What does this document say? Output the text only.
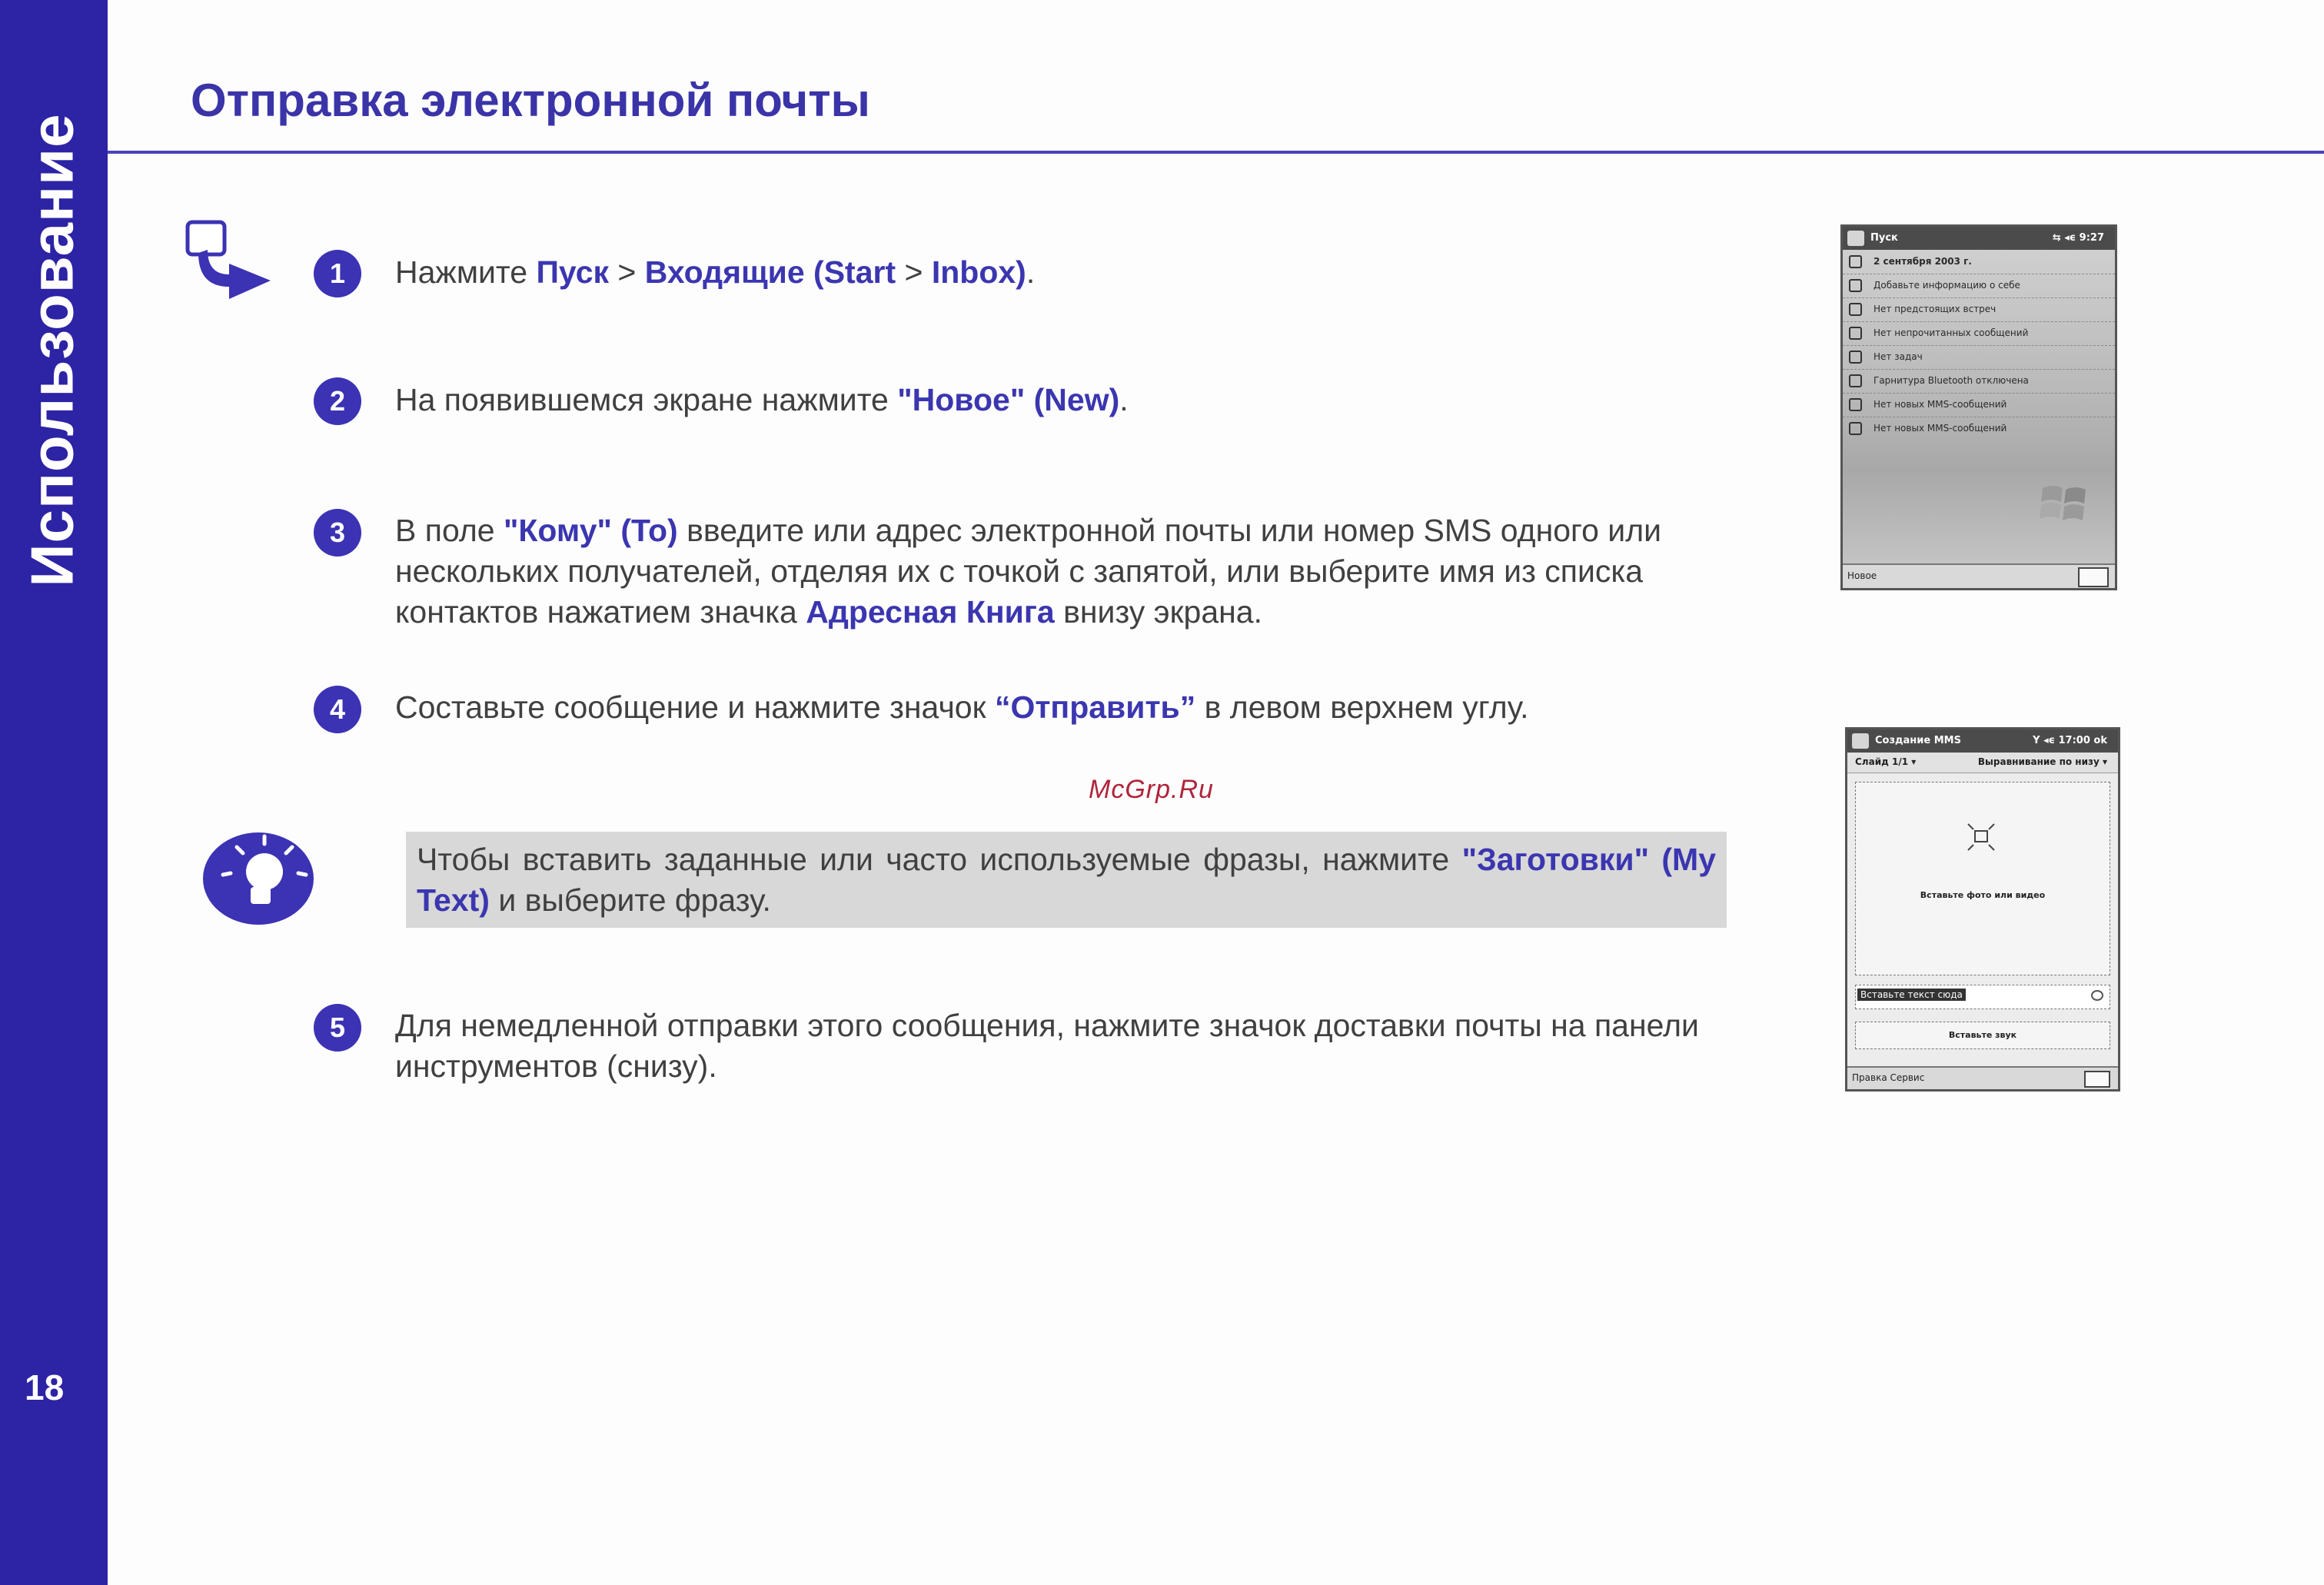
Использование
18
Отправка электронной почты
1	Нажмите Пуск > Входящие (Start > Inbox).

2	На появившемся экране нажмите "Новое" (New).

3	В поле "Кому" (To) введите или адрес электронной почты или номер SMS одного или нескольких получателей, отделяя их с точкой с запятой, или выберите имя из списка контактов нажатием значка Адресная Книга внизу экрана.

4	Составьте сообщение и нажмите значок “Отправить” в левом верхнем углу.

McGrp.Ru

Чтобы вставить заданные или часто используемые фразы, нажмите "Заготовки" (My Text) и выберите фразу.

5	Для немедленной отправки этого сообщения, нажмите значок доставки почты на панели инструментов (снизу).

Пуск	⇆ ◂ϵ 9:27
2 сентября 2003 г.
Добавьте информацию о себе
Нет предстоящих встреч
Нет непрочитанных сообщений
Нет задач
Гарнитура Bluetooth отключена
Нет новых MMS-сообщений
Нет новых MMS-сообщений
Новое
Создание MMS	Y ◂ϵ 17:00 ok
Слайд 1/1 ▾	Выравнивание по низу ▾
Вставьте фото или видео
Вставьте текст сюда
Вставьте звук
Правка Сервис
